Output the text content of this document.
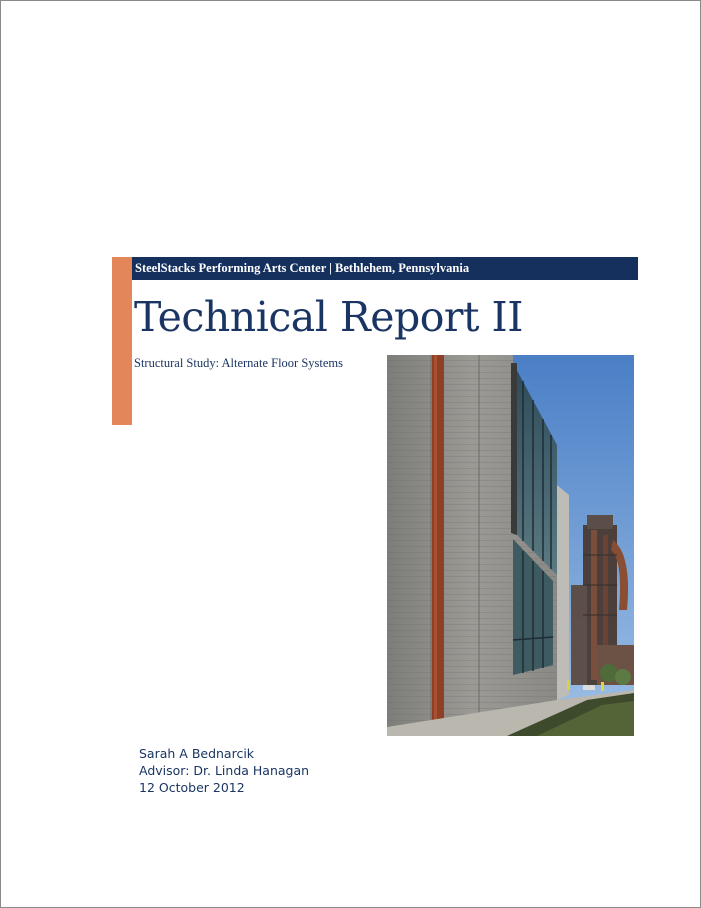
SteelStacks Performing Arts Center | Bethlehem, Pennsylvania
Technical Report II
Structural Study: Alternate Floor Systems
Sarah A Bednarcik
Advisor: Dr. Linda Hanagan
12 October 2012
